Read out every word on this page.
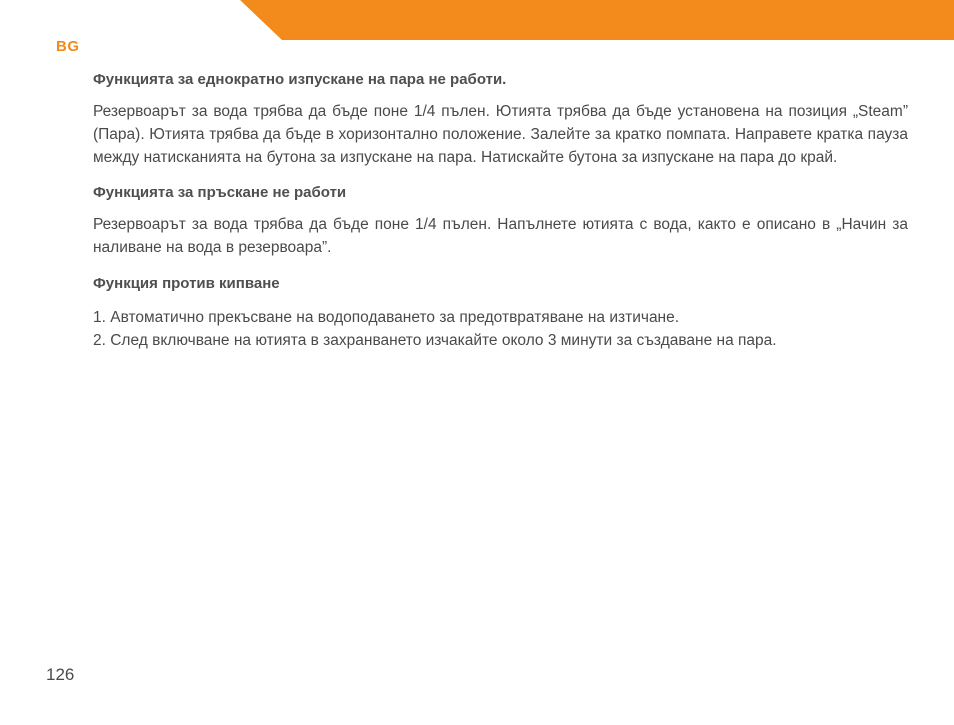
BG

Функцията за еднократно изпускане на пара не работи.

Резервоарът за вода трябва да бъде поне 1/4 пълен. Ютията трябва да бъде установена на позиция „Steam” (Пара). Ютията трябва да бъде в хоризонтално положение. Залейте за кратко помпата. Направете кратка пауза между натисканията на бутона за изпускане на пара. Натискайте бутона за изпускане на пара до край.

Функцията за пръскане не работи

Резервоарът за вода трябва да бъде поне 1/4 пълен. Напълнете ютията с вода, както е описано в „Начин за наливане на вода в резервоара”.

Функция против кипване

1. Автоматично прекъсване на водоподаването за предотвратяване на изтичане.

2. След включване на ютията в захранването изчакайте около 3 минути за създаване на пара.

126
